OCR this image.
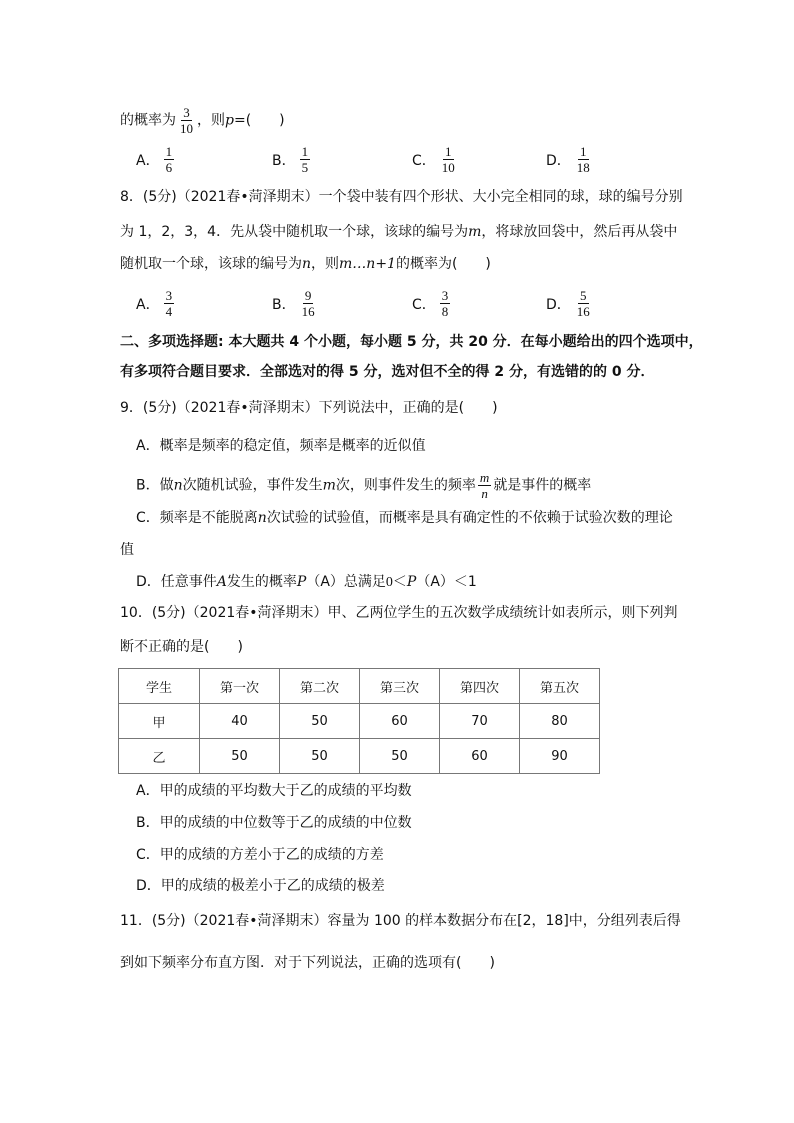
的概率为 $\frac{3}{10}$ ，则p=(　　)
A． $\frac{1}{6}$	B． $\frac{1}{5}$	C． $\frac{1}{10}$	D． $\frac{1}{18}$
8．(5分)（2021春•菏泽期末）一个袋中装有四个形状、大小完全相同的球，球的编号分别
为 1，2，3，4．先从袋中随机取一个球，该球的编号为m，将球放回袋中，然后再从袋中
随机取一个球，该球的编号为n，则m…n+1的概率为(　　)
A． $\frac{3}{4}$	B． $\frac{9}{16}$	C． $\frac{3}{8}$	D． $\frac{5}{16}$
二、多项选择题: 本大题共 4 个小题，每小题 5 分，共 20 分．在每小题给出的四个选项中，
有多项符合题目要求．全部选对的得 5 分，选对但不全的得 2 分，有选错的的 0 分．
9．(5分)（2021春•菏泽期末）下列说法中，正确的是(　　)
A．概率是频率的稳定值，频率是概率的近似值
B．做n次随机试验，事件发生m次，则事件发生的频率 $\frac{m}{n}$ 就是事件的概率
C．频率是不能脱离n次试验的试验值，而概率是具有确定性的不依赖于试验次数的理论
值
D．任意事件A发生的概率P（A）总满足0＜P（A）＜1
10．(5分)（2021春•菏泽期末）甲、乙两位学生的五次数学成绩统计如表所示，则下列判
断不正确的是(　　)
学生	第一次	第二次	第三次	第四次	第五次
甲	40	50	60	70	80
乙	50	50	50	60	90
A．甲的成绩的平均数大于乙的成绩的平均数
B．甲的成绩的中位数等于乙的成绩的中位数
C．甲的成绩的方差小于乙的成绩的方差
D．甲的成绩的极差小于乙的成绩的极差
11．(5分)（2021春•菏泽期末）容量为 100 的样本数据分布在[2，18]中，分组列表后得
到如下频率分布直方图．对于下列说法，正确的选项有(　　)
